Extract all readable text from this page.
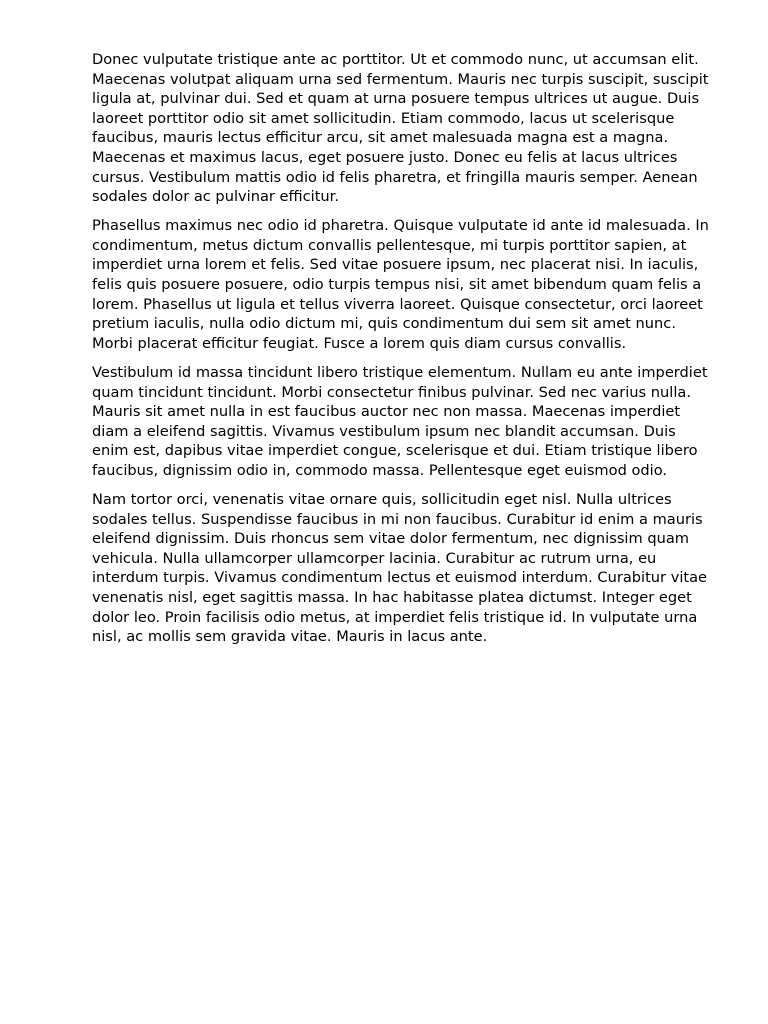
Donec vulputate tristique ante ac porttitor. Ut et commodo nunc, ut accumsan elit. Maecenas volutpat aliquam urna sed fermentum. Mauris nec turpis suscipit, suscipit ligula at, pulvinar dui. Sed et quam at urna posuere tempus ultrices ut augue. Duis laoreet porttitor odio sit amet sollicitudin. Etiam commodo, lacus ut scelerisque faucibus, mauris lectus efficitur arcu, sit amet malesuada magna est a magna. Maecenas et maximus lacus, eget posuere justo. Donec eu felis at lacus ultrices cursus. Vestibulum mattis odio id felis pharetra, et fringilla mauris semper. Aenean sodales dolor ac pulvinar efficitur.

Phasellus maximus nec odio id pharetra. Quisque vulputate id ante id malesuada. In condimentum, metus dictum convallis pellentesque, mi turpis porttitor sapien, at imperdiet urna lorem et felis. Sed vitae posuere ipsum, nec placerat nisi. In iaculis, felis quis posuere posuere, odio turpis tempus nisi, sit amet bibendum quam felis a lorem. Phasellus ut ligula et tellus viverra laoreet. Quisque consectetur, orci laoreet pretium iaculis, nulla odio dictum mi, quis condimentum dui sem sit amet nunc. Morbi placerat efficitur feugiat. Fusce a lorem quis diam cursus convallis.

Vestibulum id massa tincidunt libero tristique elementum. Nullam eu ante imperdiet quam tincidunt tincidunt. Morbi consectetur finibus pulvinar. Sed nec varius nulla. Mauris sit amet nulla in est faucibus auctor nec non massa. Maecenas imperdiet diam a eleifend sagittis. Vivamus vestibulum ipsum nec blandit accumsan. Duis enim est, dapibus vitae imperdiet congue, scelerisque et dui. Etiam tristique libero faucibus, dignissim odio in, commodo massa. Pellentesque eget euismod odio.

Nam tortor orci, venenatis vitae ornare quis, sollicitudin eget nisl. Nulla ultrices sodales tellus. Suspendisse faucibus in mi non faucibus. Curabitur id enim a mauris eleifend dignissim. Duis rhoncus sem vitae dolor fermentum, nec dignissim quam vehicula. Nulla ullamcorper ullamcorper lacinia. Curabitur ac rutrum urna, eu interdum turpis. Vivamus condimentum lectus et euismod interdum. Curabitur vitae venenatis nisl, eget sagittis massa. In hac habitasse platea dictumst. Integer eget dolor leo. Proin facilisis odio metus, at imperdiet felis tristique id. In vulputate urna nisl, ac mollis sem gravida vitae. Mauris in lacus ante.
